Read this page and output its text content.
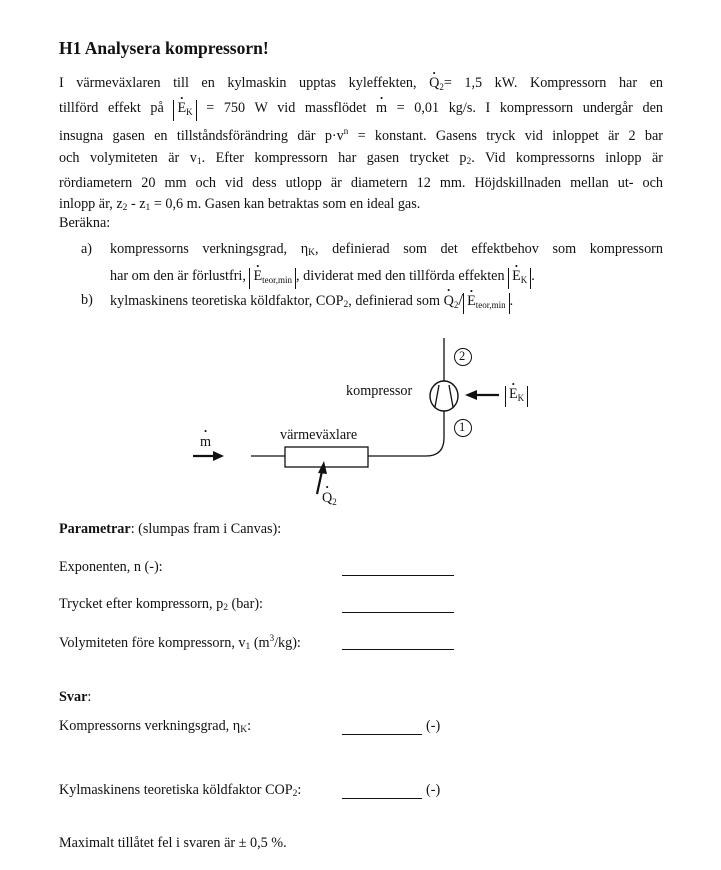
H1 Analysera kompressorn!
I värmeväxlaren till en kylmaskin upptas kyleffekten, · $Q_2= 1,5$ kW. Kompressorn har en
tillförd effekt på · $E_K = 750$ W vid massflödet · m = 0,01 kg/s. I kompressorn undergår den
insugna gasen en tillståndsförändring där $p\cdot v^n$ = konstant. Gasens tryck vid inloppet är 2 bar
och volymiteten är $v_1$. Efter kompressorn har gasen trycket $p_2$. Vid kompressorns inlopp är
rördiametern 20 mm och vid dess utlopp är diametern 12 mm. Höjdskillnaden mellan ut- och
inlopp är, $z_2 - z_1 = 0,6$ m. Gasen kan betraktas som en ideal gas.
Beräkna:
a) kompressorns verkningsgrad, $\eta_K$, definierad som det effektbehov som kompressorn
har om den är förlustfri, · $E_{teor,min}$ , dividerat med den tillförda effekten · $E_K$ .
b) kylmaskinens teoretiska köldfaktor, $COP_2$, definierad som · $Q_2/ \cdot E_{teor,min}$ .
Parametrar: (slumpas fram i Canvas):
Exponenten, n (-):
Trycket efter kompressorn, $p_2$ (bar):
Volymiteten före kompressorn, $v_1$ $(m^3/kg)$:
Svar:
Kompressorns verkningsgrad, $\eta_K$:	(-)
Kylmaskinens teoretiska köldfaktor $COP_2$:	(-)
Maximalt tillåtet fel i svaren är ± 0,5 %.
· m	värmeväxlare
· $Q_2$
kompressor	· $E_K$
2
1
